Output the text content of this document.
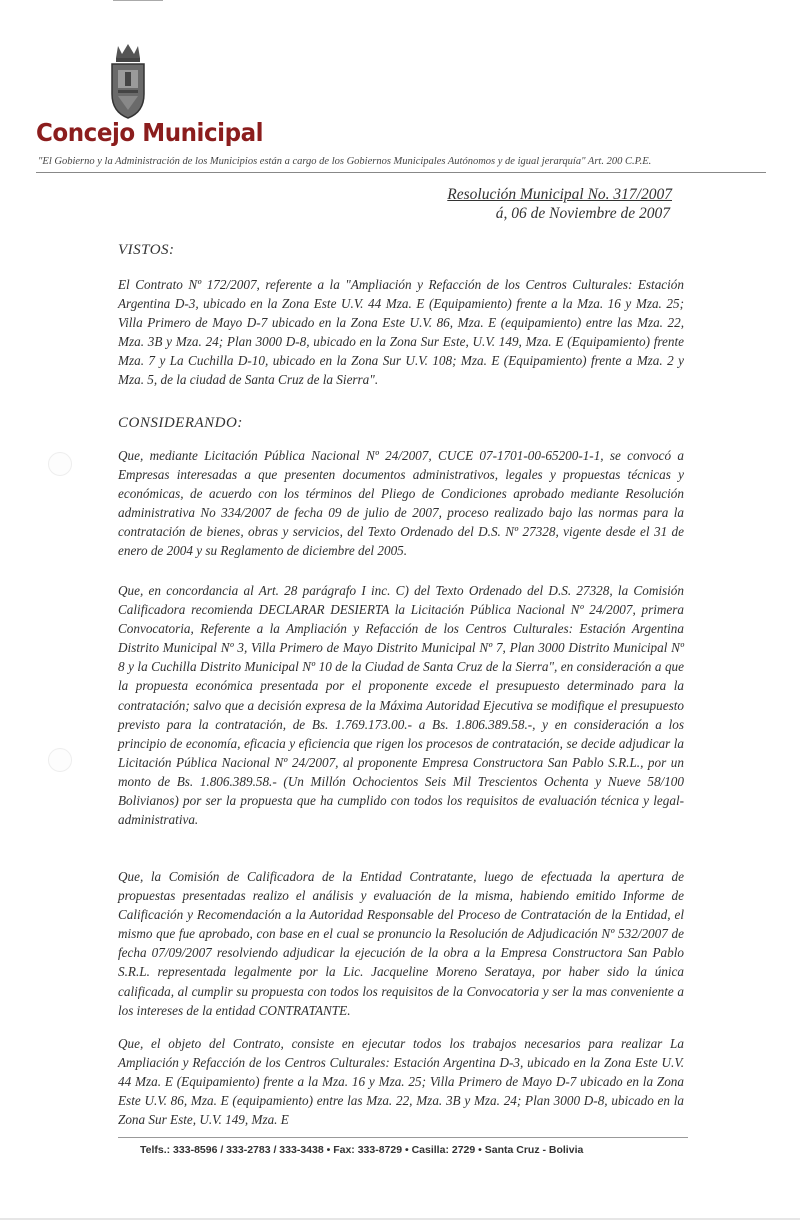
Concejo Municipal
"El Gobierno y la Administración de los Municipios están a cargo de los Gobiernos Municipales Autónomos y de igual jerarquía" Art. 200 C.P.E.
Resolución Municipal No. 317/2007
á, 06 de Noviembre de 2007
VISTOS:
El Contrato Nº 172/2007, referente a la "Ampliación y Refacción de los Centros Culturales: Estación Argentina D-3, ubicado en la Zona Este U.V. 44 Mza. E (Equipamiento) frente a la Mza. 16 y Mza. 25; Villa Primero de Mayo D-7 ubicado en la Zona Este U.V. 86, Mza. E (equipamiento) entre las Mza. 22, Mza. 3B y Mza. 24; Plan 3000 D-8, ubicado en la Zona Sur Este, U.V. 149, Mza. E (Equipamiento) frente Mza. 7 y La Cuchilla D-10, ubicado en la Zona Sur U.V. 108; Mza. E (Equipamiento) frente a Mza. 2 y Mza. 5, de la ciudad de Santa Cruz de la Sierra".
CONSIDERANDO:
Que, mediante Licitación Pública Nacional Nº 24/2007, CUCE 07-1701-00-65200-1-1, se convocó a Empresas interesadas a que presenten documentos administrativos, legales y propuestas técnicas y económicas, de acuerdo con los términos del Pliego de Condiciones aprobado mediante Resolución administrativa No 334/2007 de fecha 09 de julio de 2007, proceso realizado bajo las normas para la contratación de bienes, obras y servicios, del Texto Ordenado del D.S. Nº 27328, vigente desde el 31 de enero de 2004 y su Reglamento de diciembre del 2005.
Que, en concordancia al Art. 28 parágrafo I inc. C) del Texto Ordenado del D.S. 27328, la Comisión Calificadora recomienda DECLARAR DESIERTA la Licitación Pública Nacional Nº 24/2007, primera Convocatoria, Referente a la Ampliación y Refacción de los Centros Culturales: Estación Argentina Distrito Municipal Nº 3, Villa Primero de Mayo Distrito Municipal Nº 7, Plan 3000 Distrito Municipal Nº 8 y la Cuchilla Distrito Municipal Nº 10 de la Ciudad de Santa Cruz de la Sierra", en consideración a que la propuesta económica presentada por el proponente excede el presupuesto determinado para la contratación; salvo que a decisión expresa de la Máxima Autoridad Ejecutiva se modifique el presupuesto previsto para la contratación, de Bs. 1.769.173.00.- a Bs. 1.806.389.58.-, y en consideración a los principio de economía, eficacia y eficiencia que rigen los procesos de contratación, se decide adjudicar la Licitación Pública Nacional Nº 24/2007, al proponente Empresa Constructora San Pablo S.R.L., por un monto de Bs. 1.806.389.58.- (Un Millón Ochocientos Seis Mil Trescientos Ochenta y Nueve 58/100 Bolivianos) por ser la propuesta que ha cumplido con todos los requisitos de evaluación técnica y legal-administrativa.
Que, la Comisión de Calificadora de la Entidad Contratante, luego de efectuada la apertura de propuestas presentadas realizo el análisis y evaluación de la misma, habiendo emitido Informe de Calificación y Recomendación a la Autoridad Responsable del Proceso de Contratación de la Entidad, el mismo que fue aprobado, con base en el cual se pronuncio la Resolución de Adjudicación Nº 532/2007 de fecha 07/09/2007 resolviendo adjudicar la ejecución de la obra a la Empresa Constructora San Pablo S.R.L. representada legalmente por la Lic. Jacqueline Moreno Serataya, por haber sido la única calificada, al cumplir su propuesta con todos los requisitos de la Convocatoria y ser la mas conveniente a los intereses de la entidad CONTRATANTE.
Que, el objeto del Contrato, consiste en ejecutar todos los trabajos necesarios para realizar La Ampliación y Refacción de los Centros Culturales: Estación Argentina D-3, ubicado en la Zona Este U.V. 44 Mza. E (Equipamiento) frente a la Mza. 16 y Mza. 25; Villa Primero de Mayo D-7 ubicado en la Zona Este U.V. 86, Mza. E (equipamiento) entre las Mza. 22, Mza. 3B y Mza. 24; Plan 3000 D-8, ubicado en la Zona Sur Este, U.V. 149, Mza. E
Telfs.: 333-8596 / 333-2783 / 333-3438 • Fax: 333-8729 • Casilla: 2729 • Santa Cruz - Bolivia
